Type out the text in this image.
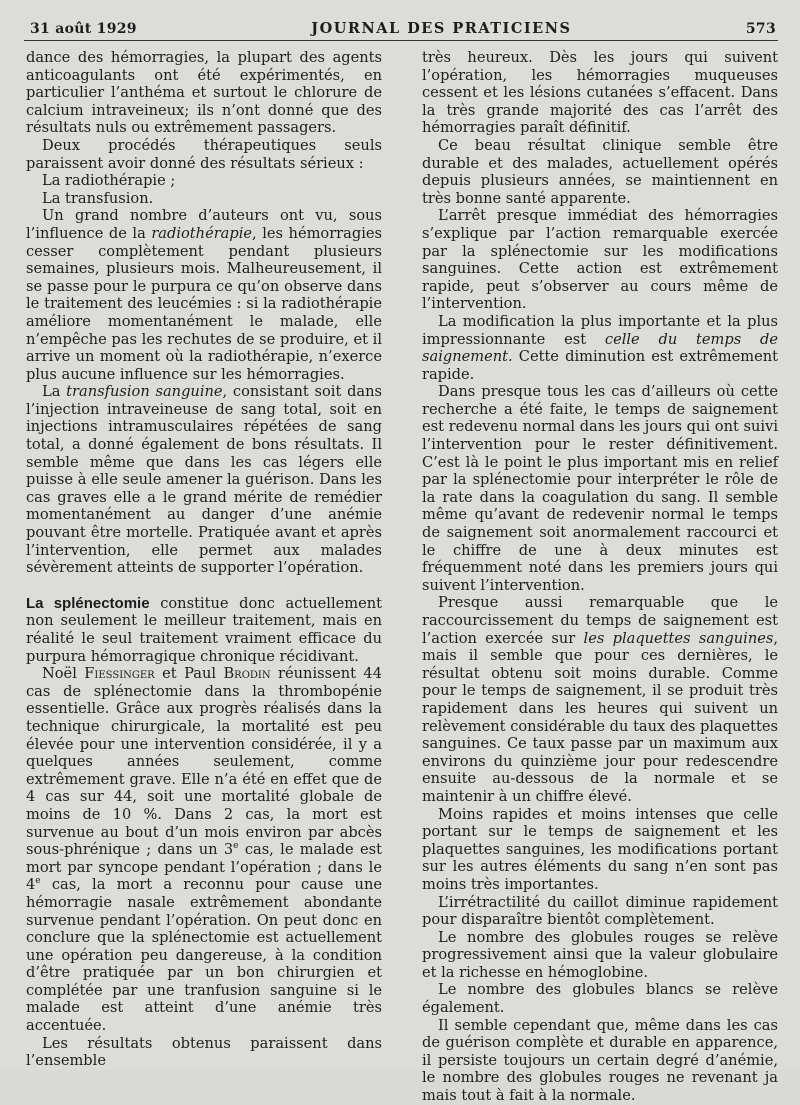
31 août 1929	JOURNAL DES PRATICIENS	573

dance des hémorragies, la plupart des agents anticoagulants ont été expérimentés, en particulier l’anthéma et surtout le chlorure de calcium intraveineux; ils n’ont donné que des résultats nuls ou extrêmement passagers.

Deux procédés thérapeutiques seuls paraissent avoir donné des résultats sérieux :

La radiothérapie ;

La transfusion.

Un grand nombre d’auteurs ont vu, sous l’influence de la radiothérapie, les hémorragies cesser complètement pendant plusieurs semaines, plusieurs mois. Malheureusement, il se passe pour le purpura ce qu’on observe dans le traitement des leucémies : si la radiothérapie améliore momentanément le malade, elle n’empêche pas les rechutes de se produire, et il arrive un moment où la radiothérapie, n’exerce plus aucune influence sur les hémorragies.

La transfusion sanguine, consistant soit dans l’injection intraveineuse de sang total, soit en injections intramusculaires répétées de sang total, a donné également de bons résultats. Il semble même que dans les cas légers elle puisse à elle seule amener la guérison. Dans les cas graves elle a le grand mérite de remédier momentanément au danger d’une anémie pouvant être mortelle. Pratiquée avant et après l’intervention, elle permet aux malades sévèrement atteints de supporter l’opération.

La splénectomie constitue donc actuellement non seulement le meilleur traitement, mais en réalité le seul traitement vraiment efficace du purpura hémorragique chronique récidivant.

Noël Fiessinger et Paul Brodin réunissent 44 cas de splénectomie dans la thrombopénie essentielle. Grâce aux progrès réalisés dans la technique chirurgicale, la mortalité est peu élevée pour une intervention considérée, il y a quelques années seulement, comme extrêmement grave. Elle n’a été en effet que de 4 cas sur 44, soit une mortalité globale de moins de 10 %. Dans 2 cas, la mort est survenue au bout d’un mois environ par abcès sous-phrénique ; dans un 3e cas, le malade est mort par syncope pendant l’opération ; dans le 4e cas, la mort a reconnu pour cause une hémorragie nasale extrêmement abondante survenue pendant l’opération. On peut donc en conclure que la splénectomie est actuellement une opération peu dangereuse, à la condition d’être pratiquée par un bon chirurgien et complétée par une tranfusion sanguine si le malade est atteint d’une anémie très accentuée.

Les résultats obtenus paraissent dans l’ensemble

très heureux. Dès les jours qui suivent l’opération, les hémorragies muqueuses cessent et les lésions cutanées s’effacent. Dans la très grande majorité des cas l’arrêt des hémorragies paraît définitif.

Ce beau résultat clinique semble être durable et des malades, actuellement opérés depuis plusieurs années, se maintiennent en très bonne santé apparente.

L’arrêt presque immédiat des hémorragies s’explique par l’action remarquable exercée par la splénectomie sur les modifications sanguines. Cette action est extrêmement rapide, peut s’observer au cours même de l’intervention.

La modification la plus importante et la plus impressionnante est celle du temps de saignement. Cette diminution est extrêmement rapide.

Dans presque tous les cas d’ailleurs où cette recherche a été faite, le temps de saignement est redevenu normal dans les jours qui ont suivi l’intervention pour le rester définitivement. C’est là le point le plus important mis en relief par la splénectomie pour interpréter le rôle de la rate dans la coagulation du sang. Il semble même qu’avant de redevenir normal le temps de saignement soit anormalement raccourci et le chiffre de une à deux minutes est fréquemment noté dans les premiers jours qui suivent l’intervention.

Presque aussi remarquable que le raccourcissement du temps de saignement est l’action exercée sur les plaquettes sanguines, mais il semble que pour ces dernières, le résultat obtenu soit moins durable. Comme pour le temps de saignement, il se produit très rapidement dans les heures qui suivent un relèvement considérable du taux des plaquettes sanguines. Ce taux passe par un maximum aux environs du quinzième jour pour redescendre ensuite au-dessous de la normale et se maintenir à un chiffre élevé.

Moins rapides et moins intenses que celle portant sur le temps de saignement et les plaquettes sanguines, les modifications portant sur les autres éléments du sang n’en sont pas moins très importantes.

L’irrétractilité du caillot diminue rapidement pour disparaître bientôt complètement.

Le nombre des globules rouges se relève progressivement ainsi que la valeur globulaire et la richesse en hémoglobine.

Le nombre des globules blancs se relève également.

Il semble cependant que, même dans les cas de guérison complète et durable en apparence, il persiste toujours un certain degré d’anémie, le nombre des globules rouges ne revenant ja mais tout à fait à la normale.
